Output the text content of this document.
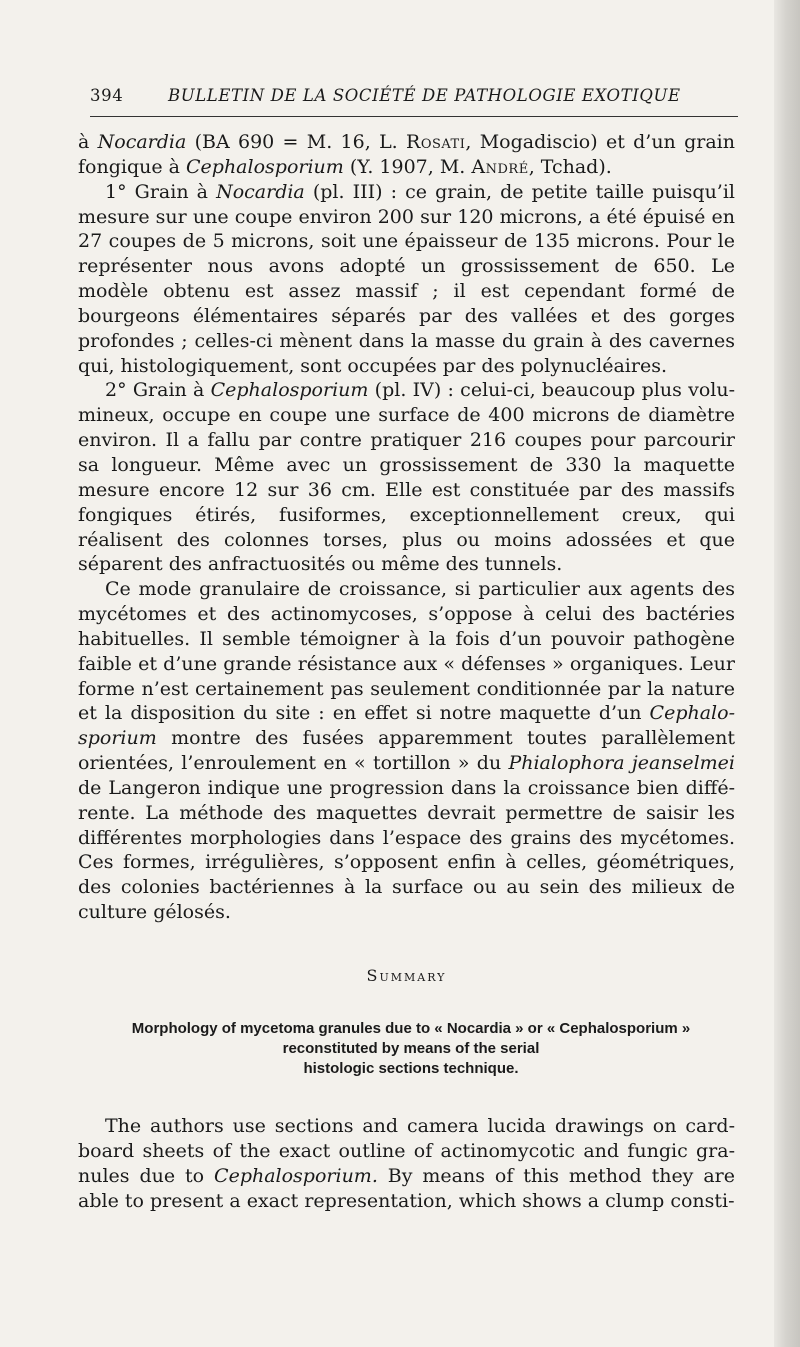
394	BULLETIN DE LA SOCIÉTÉ DE PATHOLOGIE EXOTIQUE

à Nocardia (BA 690 = M. 16, L. Rosati, Mogadiscio) et d’un grain fongique à Cephalosporium (Y. 1907, M. André, Tchad).

1° Grain à Nocardia (pl. III) : ce grain, de petite taille puisqu’il mesure sur une coupe environ 200 sur 120 microns, a été épuisé en 27 coupes de 5 microns, soit une épaisseur de 135 microns. Pour le représenter nous avons adopté un grossissement de 650. Le modèle obtenu est assez massif ; il est cependant formé de bourgeons élémentaires séparés par des vallées et des gorges profondes ; celles-ci mènent dans la masse du grain à des cavernes qui, histologiquement, sont occupées par des polynucléaires.

2° Grain à Cephalosporium (pl. IV) : celui-ci, beaucoup plus volumineux, occupe en coupe une surface de 400 microns de diamètre environ. Il a fallu par contre pratiquer 216 coupes pour parcourir sa longueur. Même avec un grossissement de 330 la maquette mesure encore 12 sur 36 cm. Elle est constituée par des massifs fongiques étirés, fusiformes, exceptionnellement creux, qui réalisent des colonnes torses, plus ou moins adossées et que séparent des anfractuosités ou même des tunnels.

Ce mode granulaire de croissance, si particulier aux agents des mycétomes et des actinomycoses, s’oppose à celui des bactéries habituelles. Il semble témoigner à la fois d’un pouvoir pathogène faible et d’une grande résistance aux « défenses » organiques. Leur forme n’est certainement pas seulement conditionnée par la nature et la disposition du site : en effet si notre maquette d’un Cephalosporium montre des fusées apparemment toutes parallèlement orientées, l’enroulement en « tortillon » du Phialophora jeanselmei de Langeron indique une progression dans la croissance bien différente. La méthode des maquettes devrait permettre de saisir les différentes morphologies dans l’espace des grains des mycétomes. Ces formes, irrégulières, s’opposent enfin à celles, géométriques, des colonies bactériennes à la surface ou au sein des milieux de culture gélosés.

Summary
Morphology of mycetoma granules due to « Nocardia » or « Cephalosporium »
reconstituted by means of the serial
histologic sections technique.

The authors use sections and camera lucida drawings on cardboard sheets of the exact outline of actinomycotic and fungic granules due to Cephalosporium. By means of this method they are able to present a exact representation, which shows a clump consti-
